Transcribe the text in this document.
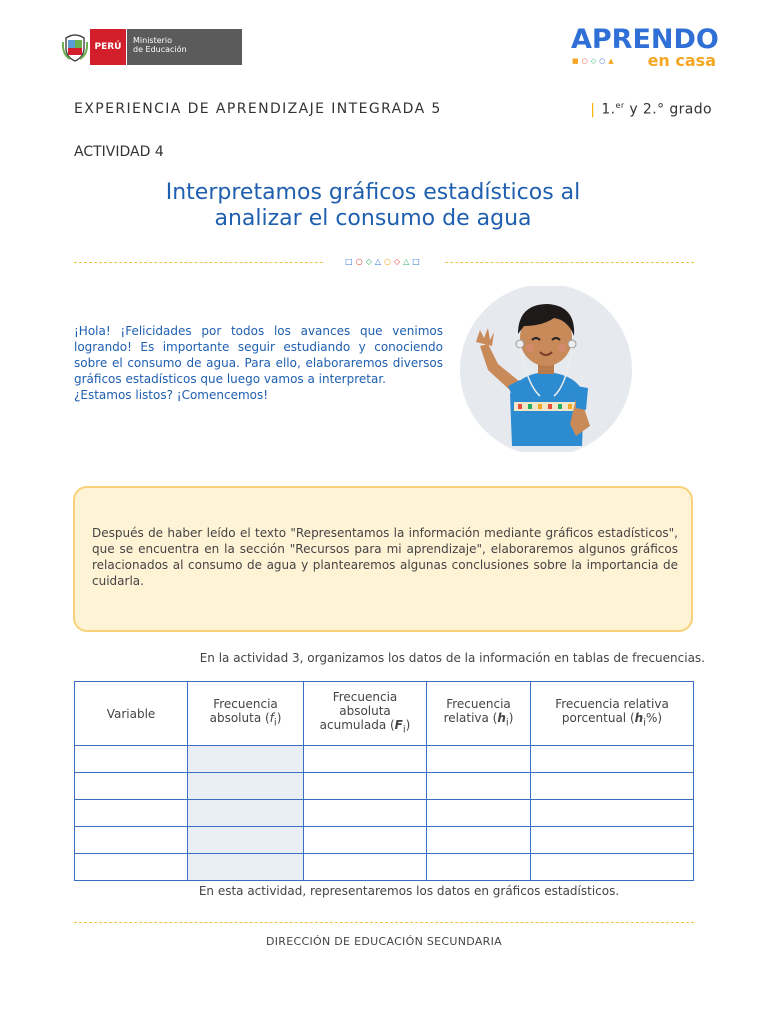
PERÚ
Ministerio
de Educación	APRENDO
en casa
■○◇○▲
EXPERIENCIA DE APRENDIZAJE INTEGRADA 5	| 1.$^{er}$ y 2.° grado
ACTIVIDAD 4
Interpretamos gráficos estadísticos al
analizar el consumo de agua
□○◇△○◇△□

¡Hola! ¡Felicidades por todos los avances que venimos logrando! Es importante seguir estudiando y conociendo sobre el consumo de agua. Para ello, elaboraremos diversos gráficos estadísticos que luego vamos a interpretar.

¿Estamos listos? ¡Comencemos!

Después de haber leído el texto "Representamos la información mediante gráficos estadísticos", que se encuentra en la sección "Recursos para mi aprendizaje", elaboraremos algunos gráficos relacionados al consumo de agua y plantearemos algunas conclusiones sobre la importancia de cuidarla.
En la actividad 3, organizamos los datos de la información en tablas de frecuencias.
Variable	Frecuencia absoluta $(f_i)$	Frecuencia absoluta acumulada $(F_i)$	Frecuencia relativa $(h_i)$	Frecuencia relativa porcentual $(h_i\%)$

En esta actividad, representaremos los datos en gráficos estadísticos.
DIRECCIÓN DE EDUCACIÓN SECUNDARIA
